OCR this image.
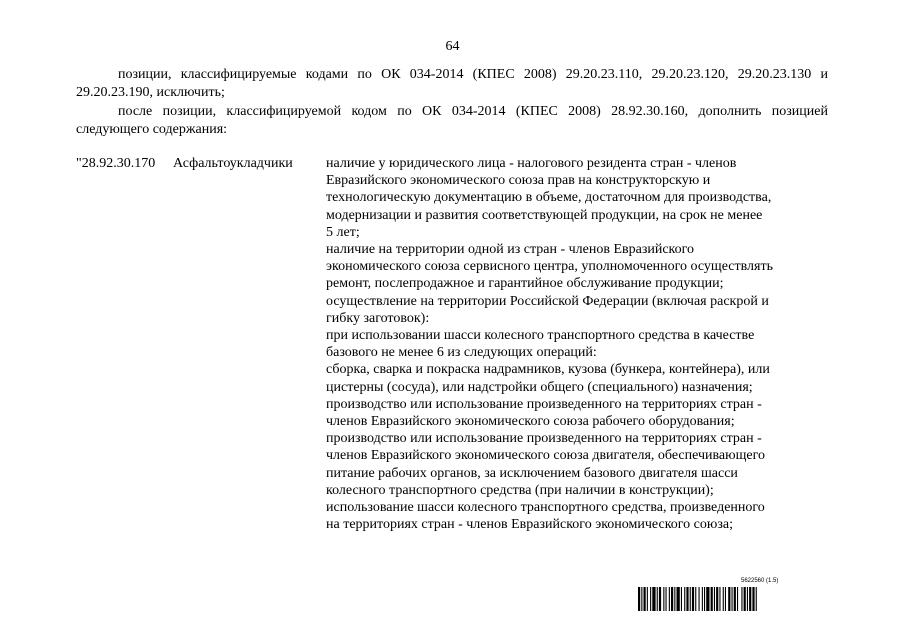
64
позиции, классифицируемые кодами по ОК 034-2014 (КПЕС 2008) 29.20.23.110, 29.20.23.120, 29.20.23.130 и
29.20.23.190, исключить;
после позиции, классифицируемой кодом по ОК 034-2014 (КПЕС 2008) 28.92.30.160, дополнить позицией
следующего содержания:
"28.92.30.170 Асфальтоукладчики наличие у юридического лица - налогового резидента стран - членов
Евразийского экономического союза прав на конструкторскую и
технологическую документацию в объеме, достаточном для производства,
модернизации и развития соответствующей продукции, на срок не менее
5 лет;
наличие на территории одной из стран - членов Евразийского
экономического союза сервисного центра, уполномоченного осуществлять
ремонт, послепродажное и гарантийное обслуживание продукции;
осуществление на территории Российской Федерации (включая раскрой и
гибку заготовок):
при использовании шасси колесного транспортного средства в качестве
базового не менее 6 из следующих операций:
сборка, сварка и покраска надрамников, кузова (бункера, контейнера), или
цистерны (сосуда), или надстройки общего (специального) назначения;
производство или использование произведенного на территориях стран -
членов Евразийского экономического союза рабочего оборудования;
производство или использование произведенного на территориях стран -
членов Евразийского экономического союза двигателя, обеспечивающего
питание рабочих органов, за исключением базового двигателя шасси
колесного транспортного средства (при наличии в конструкции);
использование шасси колесного транспортного средства, произведенного
на территориях стран - членов Евразийского экономического союза;
5622560 (1.5)
